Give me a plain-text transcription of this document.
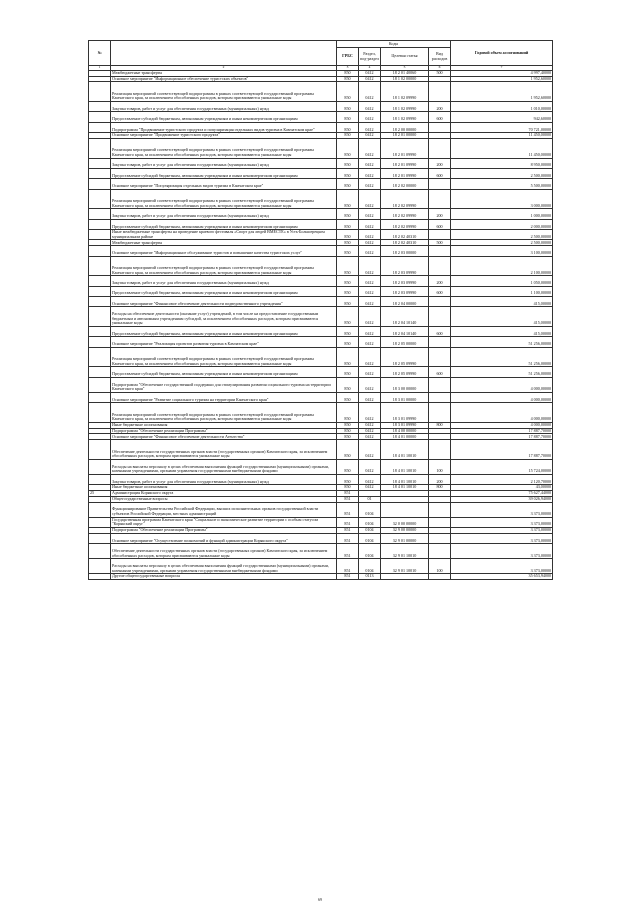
№		Коды				Годовой объем ассигнований
		ГРБС	Раздел, под-раздел	Целевая статья	Вид расходов	
1	2	3	4	5	6	7
	Межбюджетные трансферты	850	0412	18 2 01 40060	500	4 997,40000
	Основное мероприятие "Информационное обеспечение туристских объектов"	850	0412	18 1 02 00000		1 952,60000
	Реализация мероприятий соответствующей подпрограммы в рамках соответствующей государственной программы Камчатского края, за исключением обособленных расходов, которым присваиваются уникальные коды	850	0412	18 1 02 09990		1 952,60000
	Закупка товаров, работ и услуг для обеспечения государственных (муниципальных) нужд	850	0412	18 1 02 09990	200	1 010,00000
	Предоставление субсидий бюджетным, автономным учреждениям и иным некоммерческим организациям	850	0412	18 1 02 09990	600	942,60000
	Подпрограмма "Продвижение туристского продукта и популяризация отдельных видов туризма в Камчатском крае"	850	0412	18 2 00 00000		70 721,00000
	Основное мероприятие "Продвижение туристского продукта"	850	0412	18 2 01 00000		11 450,00000
	Реализация мероприятий соответствующей подпрограммы в рамках соответствующей государственной программы Камчатского края, за исключением обособленных расходов, которым присваиваются уникальные коды	850	0412	18 2 01 09990		11 450,00000
	Закупка товаров, работ и услуг для обеспечения государственных (муниципальных) нужд	850	0412	18 2 01 09990	200	8 950,00000
	Предоставление субсидий бюджетным, автономным учреждениям и иным некоммерческим организациям	850	0412	18 2 01 09990	600	2 500,00000
	Основное мероприятие "Популяризация отдельных видов туризма в Камчатском крае"	850	0412	18 2 02 00000		5 500,00000
	Реализация мероприятий соответствующей подпрограммы в рамках соответствующей государственной программы Камчатского края, за исключением обособленных расходов, которым присваиваются уникальные коды	850	0412	18 2 02 09990		3 000,00000
	Закупка товаров, работ и услуг для обеспечения государственных (муниципальных) нужд	850	0412	18 2 02 09990	200	1 000,00000
	Предоставление субсидий бюджетным, автономным учреждениям и иным некоммерческим организациям	850	0412	18 2 02 09990	600	2 000,00000
	Иные межбюджетные трансферты на проведение краевого фестиваля «Спорт для людей ВМЕСТЕ» в Усть-Большерецком муниципальном районе	850	0412	18 2 02 40310		2 500,00000
	Межбюджетные трансферты	850	0412	18 2 02 40310	500	2 500,00000
	Основное мероприятие "Информационное обслуживание туристов и повышение качества туристских услуг"	850	0412	18 2 03 00000		3 100,00000
	Реализация мероприятий соответствующей подпрограммы в рамках соответствующей государственной программы Камчатского края, за исключением обособленных расходов, которым присваиваются уникальные коды	850	0412	18 2 03 09990		2 100,00000
	Закупка товаров, работ и услуг для обеспечения государственных (муниципальных) нужд	850	0412	18 2 03 09990	200	1 050,00000
	Предоставление субсидий бюджетным, автономным учреждениям и иным некоммерческим организациям	850	0412	18 2 03 09990	600	1 100,00000
	Основное мероприятие "Финансовое обеспечение деятельности подведомственного учреждения"	850	0412	18 2 04 00000		415,00000
	Расходы на обеспечение деятельности (оказание услуг) учреждений, в том числе на предоставление государственным бюджетным и автономным учреждениям субсидий, за исключением обособленных расходов, которым присваиваются уникальные коды	850	0412	18 2 04 10140		415,00000
	Предоставление субсидий бюджетным, автономным учреждениям и иным некоммерческим организациям	850	0412	18 2 04 10140	600	415,00000
	Основное мероприятие "Реализация проектов развития туризма в Камчатском крае"	850	0412	18 2 05 00000		51 256,00000
	Реализация мероприятий соответствующей подпрограммы в рамках соответствующей государственной программы Камчатского края, за исключением обособленных расходов, которым присваиваются уникальные коды	850	0412	18 2 05 09990		51 256,00000
	Предоставление субсидий бюджетным, автономным учреждениям и иным некоммерческим организациям	850	0412	18 2 05 09990	600	51 256,00000
	Подпрограмма "Обеспечение государственной поддержки для стимулирования развития социального туризма на территории Камчатского края"	850	0412	18 3 00 00000		4 000,00000
	Основное мероприятие "Развитие социального туризма на территории Камчатского края"	850	0412	18 3 01 00000		4 000,00000
	Реализация мероприятий соответствующей подпрограммы в рамках соответствующей государственной программы Камчатского края, за исключением обособленных расходов, которым присваиваются уникальные коды	850	0412	18 3 01 09990		4 000,00000
	Иные бюджетные ассигнования	850	0412	18 3 01 09990	800	4 000,00000
	Подпрограмма "Обеспечение реализации Программы"	850	0412	18 4 00 00000		17 887,70000
	Основное мероприятие "Финансовое обеспечение деятельности Агентства"	850	0412	18 4 01 00000		17 887,70000
	Обеспечение деятельности государственных органов власти (государственных органов) Камчатского края, за исключением обособленных расходов, которым присваиваются уникальные коды	850	0412	18 4 01 10010		17 887,70000
	Расходы на выплаты персоналу в целях обеспечения выполнения функций государственными (муниципальными) органами, казенными учреждениями, органами управления государственными внебюджетными фондами	850	0412	18 4 01 10010	100	15 724,00000
	Закупка товаров, работ и услуг для обеспечения государственных (муниципальных) нужд	850	0412	18 4 01 10010	200	2 120,70000
	Иные бюджетные ассигнования	850	0412	18 4 01 10010	800	43,00000
25	Администрация Корякского округа	851				75 627,44000
	Общегосударственные вопросы	851	01			39 026,94000
	Функционирование Правительства Российской Федерации, высших исполнительных органов государственной власти субъектов Российской Федерации, местных администраций	851	0104			3 373,00000
	Государственная программа Камчатского края "Социальное и экономическое развитие территории с особым статусом "Корякский округ"	851	0104	32 0 00 00000		3 373,00000
	Подпрограмма "Обеспечение реализации Программы"	851	0104	32 9 00 00000		3 373,00000
	Основное мероприятие "Осуществление полномочий и функций администрации Корякского округа"	851	0104	32 9 01 00000		3 373,00000
	Обеспечение деятельности государственных органов власти (государственных органов) Камчатского края, за исключением обособленных расходов, которым присваиваются уникальные коды	851	0104	32 9 01 10010		3 373,00000
	Расходы на выплаты персоналу в целях обеспечения выполнения функций государственными (муниципальными) органами, казенными учреждениями, органами управления государственными внебюджетными фондами	851	0104	32 9 01 10010	100	3 373,00000
	Другие общегосударственные вопросы	851	0113			35 653,94000
69
